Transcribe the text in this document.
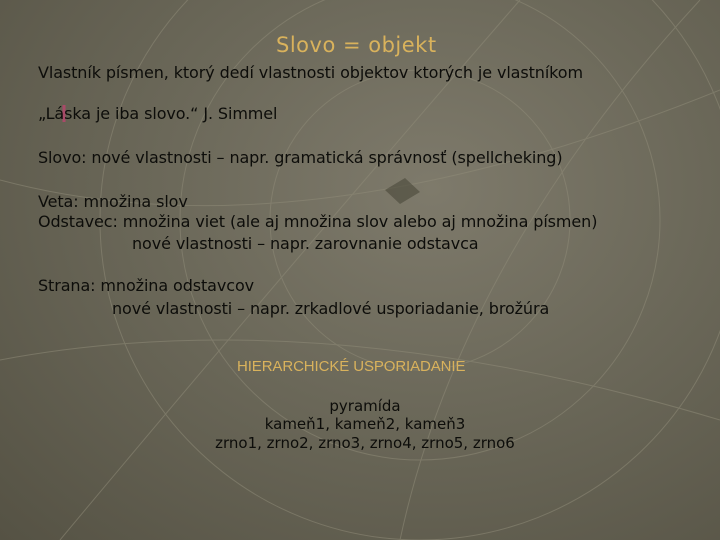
Slovo = objekt
Vlastník písmen, ktorý dedí vlastnosti objektov ktorých je vlastníkom
„Láska je iba slovo.“ J. Simmel
Slovo: nové vlastnosti – napr. gramatická správnosť (spellcheking)
Veta: množina slov
Odstavec: množina viet (ale aj množina slov alebo aj množina písmen)
nové vlastnosti – napr. zarovnanie odstavca
Strana: množina odstavcov
nové vlastnosti – napr. zrkadlové usporiadanie, brožúra
HIERARCHICKÉ USPORIADANIE
pyramída
kameň1, kameň2, kameň3
zrno1, zrno2, zrno3, zrno4, zrno5, zrno6
